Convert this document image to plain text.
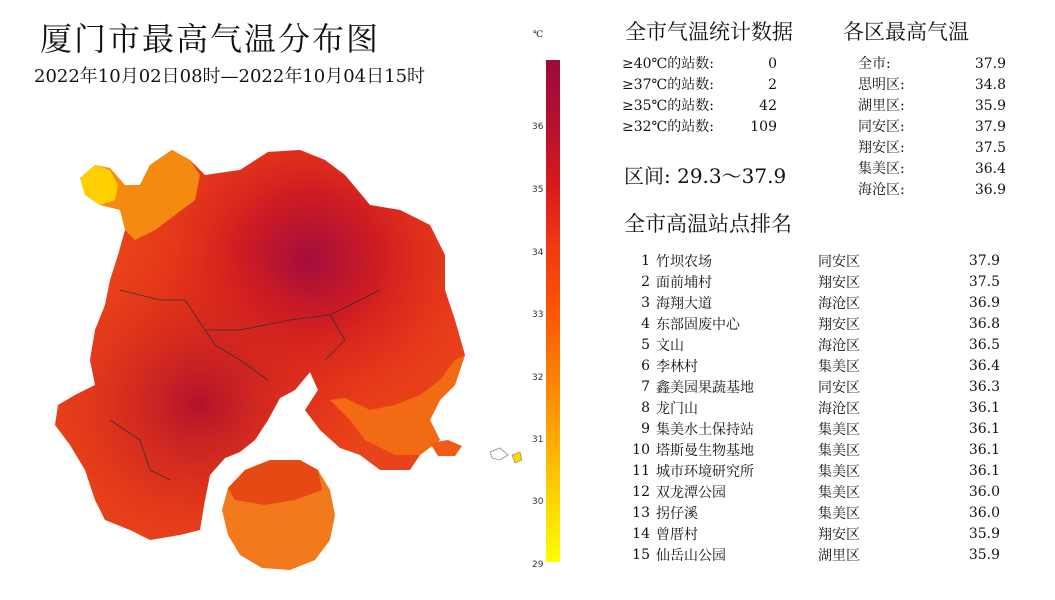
厦门市最高气温分布图
2022年10月02日08时—2022年10月04日15时
℃
36
35
34
33
32
31
30
29
全市气温统计数据
≥40℃的站数:	0
≥37℃的站数:	2
≥35℃的站数:	42
≥32℃的站数:	109
区间: 29.3～37.9
各区最高气温
全市:	37.9
思明区:	34.8
湖里区:	35.9
同安区:	37.9
翔安区:	37.5
集美区:	36.4
海沧区:	36.9
全市高温站点排名
1	竹坝农场	同安区	37.9
2	面前埔村	翔安区	37.5
3	海翔大道	海沧区	36.9
4	东部固废中心	翔安区	36.8
5	文山	海沧区	36.5
6	李林村	集美区	36.4
7	鑫美园果蔬基地	同安区	36.3
8	龙门山	海沧区	36.1
9	集美水土保持站	集美区	36.1
10	塔斯曼生物基地	集美区	36.1
11	城市环境研究所	集美区	36.1
12	双龙潭公园	集美区	36.0
13	拐仔溪	集美区	36.0
14	曾厝村	翔安区	35.9
15	仙岳山公园	湖里区	35.9
